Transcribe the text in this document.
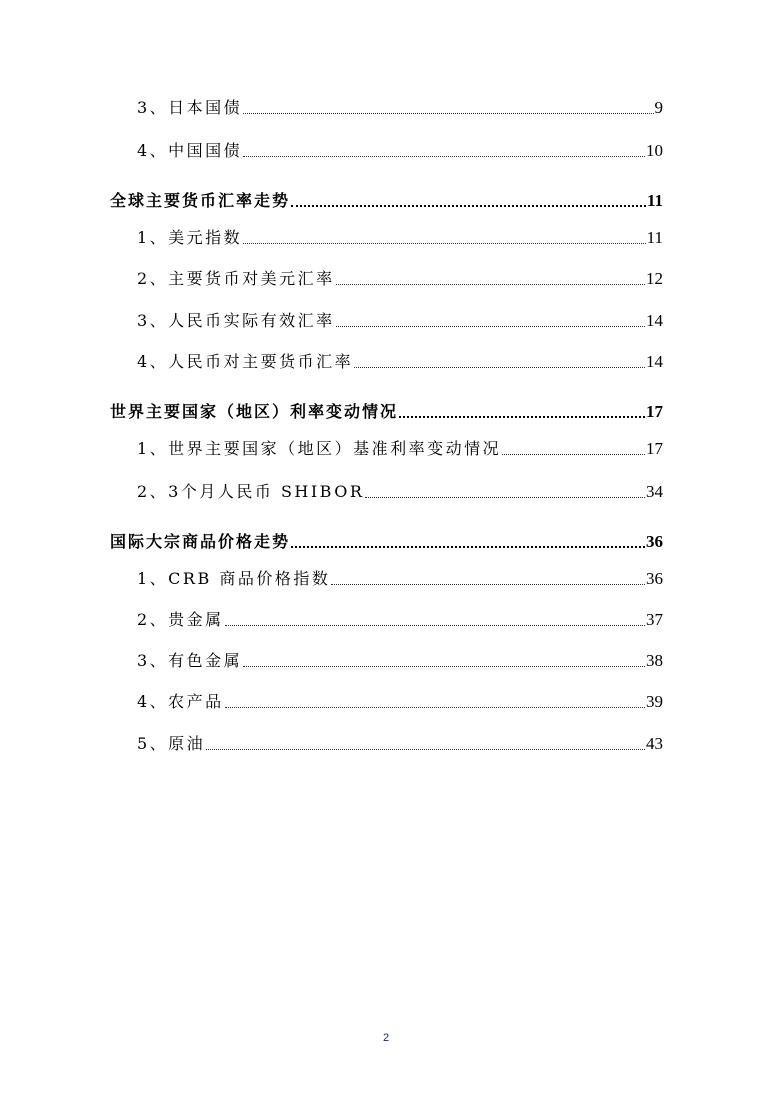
3、日本国债	9
4、中国国债	10
全球主要货币汇率走势	11
1、美元指数	11
2、主要货币对美元汇率	12
3、人民币实际有效汇率	14
4、人民币对主要货币汇率	14
世界主要国家（地区）利率变动情况	17
1、世界主要国家（地区）基准利率变动情况	17
2、3个月人民币 SHIBOR	34
国际大宗商品价格走势	36
1、CRB 商品价格指数	36
2、贵金属	37
3、有色金属	38
4、农产品	39
5、原油	43
2
